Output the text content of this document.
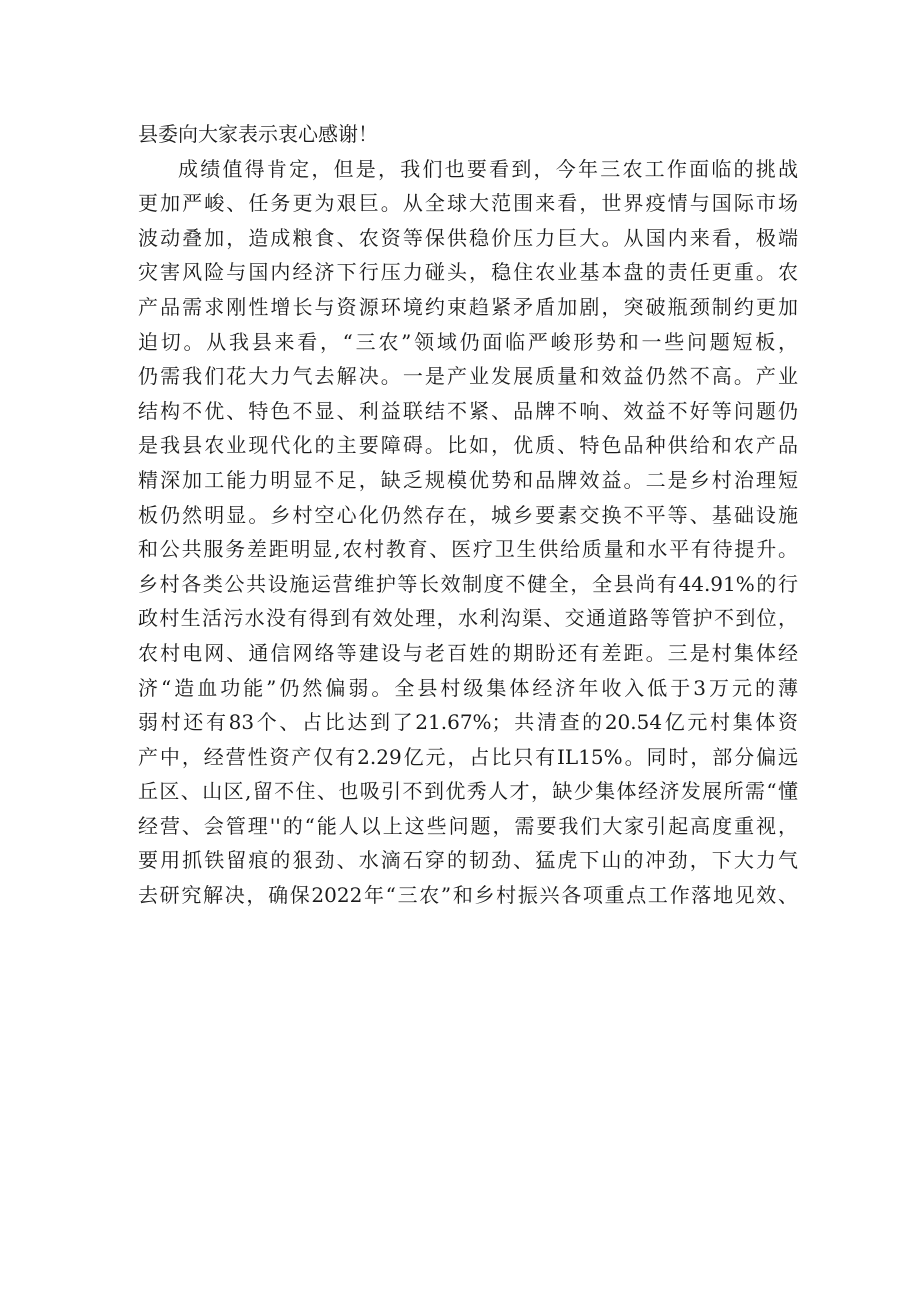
县委向大家表示衷心感谢！
成绩值得肯定，但是，我们也要看到，今年三农工作面临的挑战
更加严峻、任务更为艰巨。从全球大范围来看，世界疫情与国际市场
波动叠加，造成粮食、农资等保供稳价压力巨大。从国内来看，极端
灾害风险与国内经济下行压力碰头，稳住农业基本盘的责任更重。农
产品需求刚性增长与资源环境约束趋紧矛盾加剧，突破瓶颈制约更加
迫切。从我县来看，“三农”领域仍面临严峻形势和一些问题短板，
仍需我们花大力气去解决。一是产业发展质量和效益仍然不高。产业
结构不优、特色不显、利益联结不紧、品牌不响、效益不好等问题仍
是我县农业现代化的主要障碍。比如，优质、特色品种供给和农产品
精深加工能力明显不足，缺乏规模优势和品牌效益。二是乡村治理短
板仍然明显。乡村空心化仍然存在，城乡要素交换不平等、基础设施
和公共服务差距明显,农村教育、医疗卫生供给质量和水平有待提升。
乡村各类公共设施运营维护等长效制度不健全，全县尚有44.91%的行
政村生活污水没有得到有效处理，水利沟渠、交通道路等管护不到位，
农村电网、通信网络等建设与老百姓的期盼还有差距。三是村集体经
济“造血功能”仍然偏弱。全县村级集体经济年收入低于3万元的薄
弱村还有83个、占比达到了21.67%；共清查的20.54亿元村集体资
产中，经营性资产仅有2.29亿元，占比只有IL15%。同时，部分偏远
丘区、山区,留不住、也吸引不到优秀人才，缺少集体经济发展所需“懂
经营、会管理''的“能人以上这些问题，需要我们大家引起高度重视，
要用抓铁留痕的狠劲、水滴石穿的韧劲、猛虎下山的冲劲，下大力气
去研究解决，确保2022年“三农”和乡村振兴各项重点工作落地见效、
